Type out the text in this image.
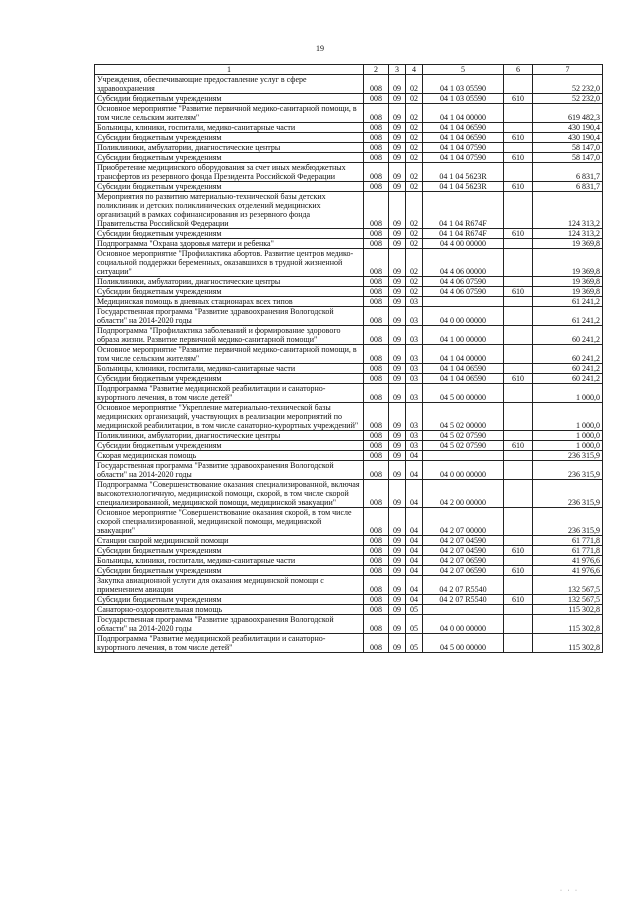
19
1	2	3	4	5	6	7
Учреждения, обеспечивающие предоставление услуг в сфере здравоохранения	008	09	02	04 1 03 05590		52 232,0
Субсидии бюджетным учреждениям	008	09	02	04 1 03 05590	610	52 232,0
Основное мероприятие "Развитие первичной медико-санитарной помощи, в том числе сельским жителям"	008	09	02	04 1 04 00000		619 482,3
Больницы, клиники, госпитали, медико-санитарные части	008	09	02	04 1 04 06590		430 190,4
Субсидии бюджетным учреждениям	008	09	02	04 1 04 06590	610	430 190,4
Поликлиники, амбулатории, диагностические центры	008	09	02	04 1 04 07590		58 147,0
Субсидии бюджетным учреждениям	008	09	02	04 1 04 07590	610	58 147,0
Приобретение медицинского оборудования за счет иных межбюджетных трансфертов из резервного фонда Президента Российской Федерации	008	09	02	04 1 04 5623R		6 831,7
Субсидии бюджетным учреждениям	008	09	02	04 1 04 5623R	610	6 831,7
Мероприятия по развитию материально-технической базы детских поликлиник и детских поликлинических отделений медицинских организаций в рамках софинансирования из резервного фонда Правительства Российской Федерации	008	09	02	04 1 04 R674F		124 313,2
Субсидии бюджетным учреждениям	008	09	02	04 1 04 R674F	610	124 313,2
Подпрограмма "Охрана здоровья матери и ребенка"	008	09	02	04 4 00 00000		19 369,8
Основное мероприятие "Профилактика абортов. Развитие центров медико-социальной поддержки беременных, оказавшихся в трудной жизненной ситуации"	008	09	02	04 4 06 00000		19 369,8
Поликлиники, амбулатории, диагностические центры	008	09	02	04 4 06 07590		19 369,8
Субсидии бюджетным учреждениям	008	09	02	04 4 06 07590	610	19 369,8
Медицинская помощь в дневных стационарах всех типов	008	09	03			61 241,2
Государственная программа "Развитие здравоохранения Вологодской области" на 2014-2020 годы	008	09	03	04 0 00 00000		61 241,2
Подпрограмма "Профилактика заболеваний и формирование здорового образа жизни. Развитие первичной медико-санитарной помощи"	008	09	03	04 1 00 00000		60 241,2
Основное мероприятие "Развитие первичной медико-санитарной помощи, в том числе сельским жителям"	008	09	03	04 1 04 00000		60 241,2
Больницы, клиники, госпитали, медико-санитарные части	008	09	03	04 1 04 06590		60 241,2
Субсидии бюджетным учреждениям	008	09	03	04 1 04 06590	610	60 241,2
Подпрограмма "Развитие медицинской реабилитации и санаторно-курортного лечения, в том числе детей"	008	09	03	04 5 00 00000		1 000,0
Основное мероприятие "Укрепление материально-технической базы медицинских организаций, участвующих в реализации мероприятий по медицинской реабилитации, в том числе санаторно-курортных учреждений"	008	09	03	04 5 02 00000		1 000,0
Поликлиники, амбулатории, диагностические центры	008	09	03	04 5 02 07590		1 000,0
Субсидии бюджетным учреждениям	008	09	03	04 5 02 07590	610	1 000,0
Скорая медицинская помощь	008	09	04			236 315,9
Государственная программа "Развитие здравоохранения Вологодской области" на 2014-2020 годы	008	09	04	04 0 00 00000		236 315,9
Подпрограмма "Совершенствование оказания специализированной, включая высокотехнологичную, медицинской помощи, скорой, в том числе скорой специализированной, медицинской помощи, медицинской эвакуации"	008	09	04	04 2 00 00000		236 315,9
Основное мероприятие "Совершенствование оказания скорой, в том числе скорой специализированной, медицинской помощи, медицинской эвакуации"	008	09	04	04 2 07 00000		236 315,9
Станции скорой медицинской помощи	008	09	04	04 2 07 04590		61 771,8
Субсидии бюджетным учреждениям	008	09	04	04 2 07 04590	610	61 771,8
Больницы, клиники, госпитали, медико-санитарные части	008	09	04	04 2 07 06590		41 976,6
Субсидии бюджетным учреждениям	008	09	04	04 2 07 06590	610	41 976,6
Закупка авиационной услуги для оказания медицинской помощи с применением авиации	008	09	04	04 2 07 R5540		132 567,5
Субсидии бюджетным учреждениям	008	09	04	04 2 07 R5540	610	132 567,5
Санаторно-оздоровительная помощь	008	09	05			115 302,8
Государственная программа "Развитие здравоохранения Вологодской области" на 2014-2020 годы	008	09	05	04 0 00 00000		115 302,8
Подпрограмма "Развитие медицинской реабилитации и санаторно-курортного лечения, в том числе детей"	008	09	05	04 5 00 00000		115 302,8
· · ·
